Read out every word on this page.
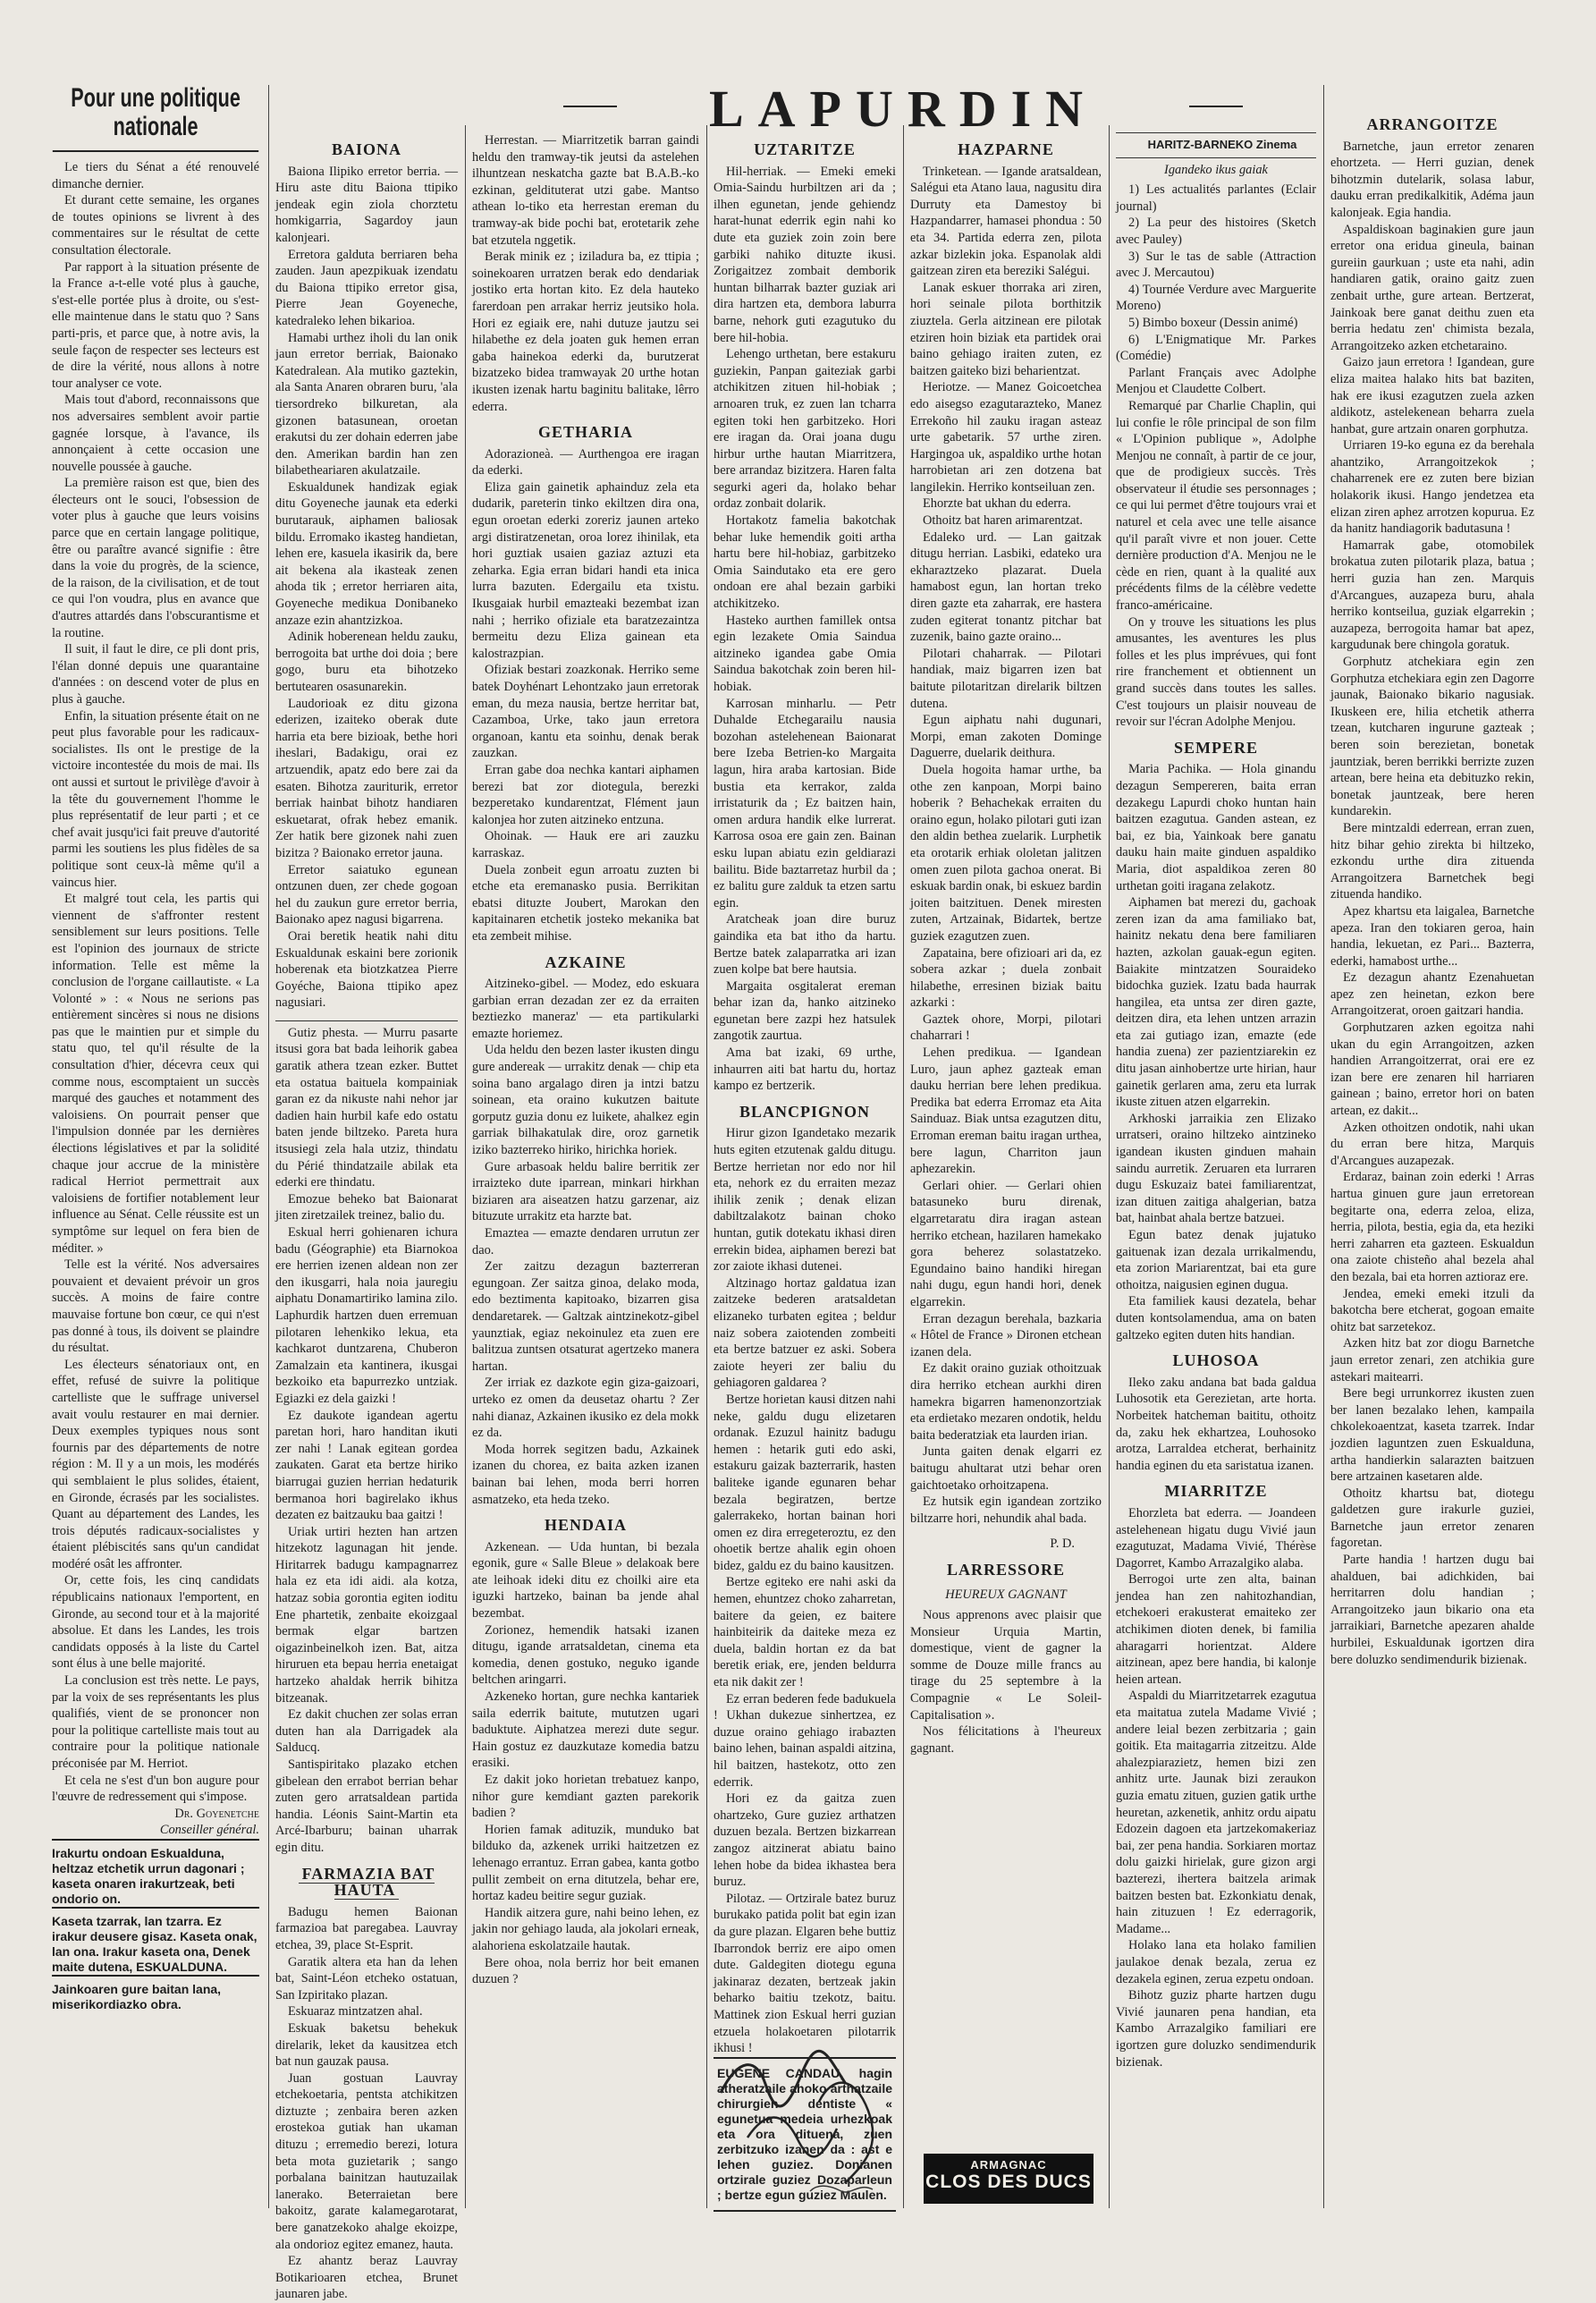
LAPURDIN
Pour une politique nationale

Le tiers du Sénat a été renouvelé dimanche dernier.

Et durant cette semaine, les organes de toutes opinions se livrent à des commentaires sur le résultat de cette consultation électorale.

Par rapport à la situation présente de la France a-t-elle voté plus à gauche, s'est-elle portée plus à droite, ou s'est-elle maintenue dans le statu quo ? Sans parti-pris, et parce que, à notre avis, la seule façon de respecter ses lecteurs est de dire la vérité, nous allons à notre tour analyser ce vote.

Mais tout d'abord, reconnaissons que nos adversaires semblent avoir partie gagnée lorsque, à l'avance, ils annonçaient à cette occasion une nouvelle poussée à gauche.

La première raison est que, bien des électeurs ont le souci, l'obsession de voter plus à gauche que leurs voisins parce que en certain langage politique, être ou paraître avancé signifie : être dans la voie du progrès, de la science, de la raison, de la civilisation, et de tout ce qui l'on voudra, plus en avance que d'autres attardés dans l'obscurantisme et la routine.

Il suit, il faut le dire, ce pli dont pris, l'élan donné depuis une quarantaine d'années : on descend voter de plus en plus à gauche.

Enfin, la situation présente était on ne peut plus favorable pour les radicaux-socialistes. Ils ont le prestige de la victoire incontestée du mois de mai. Ils ont aussi et surtout le privilège d'avoir à la tête du gouvernement l'homme le plus représentatif de leur parti ; et ce chef avait jusqu'ici fait preuve d'autorité parmi les soutiens les plus fidèles de sa politique sont ceux-là même qu'il a vaincus hier.

Et malgré tout cela, les partis qui viennent de s'affronter restent sensiblement sur leurs positions. Telle est l'opinion des journaux de stricte information. Telle est même la conclusion de l'organe caillautiste. « La Volonté » : « Nous ne serions pas entièrement sincères si nous ne disions pas que le maintien pur et simple du statu quo, tel qu'il résulte de la consultation d'hier, décevra ceux qui comme nous, escomptaient un succès marqué des gauches et notamment des valoisiens. On pourrait penser que l'impulsion donnée par les dernières élections législatives et par la solidité chaque jour accrue de la ministère radical Herriot permettrait aux valoisiens de fortifier notablement leur influence au Sénat. Celle réussite est un symptôme sur lequel on fera bien de méditer. »

Telle est la vérité. Nos adversaires pouvaient et devaient prévoir un gros succès. A moins de faire contre mauvaise fortune bon cœur, ce qui n'est pas donné à tous, ils doivent se plaindre du résultat.

Les électeurs sénatoriaux ont, en effet, refusé de suivre la politique cartelliste que le suffrage universel avait voulu restaurer en mai dernier. Deux exemples typiques nous sont fournis par des départements de notre région : M. Il y a un mois, les modérés qui semblaient le plus solides, étaient, en Gironde, écrasés par les socialistes. Quant au département des Landes, les trois députés radicaux-socialistes y étaient plébiscités sans qu'un candidat modéré osât les affronter.

Or, cette fois, les cinq candidats républicains nationaux l'emportent, en Gironde, au second tour et à la majorité absolue. Et dans les Landes, les trois candidats opposés à la liste du Cartel sont élus à une belle majorité.

La conclusion est très nette. Le pays, par la voix de ses représentants les plus qualifiés, vient de se prononcer non pour la politique cartelliste mais tout au contraire pour la politique nationale préconisée par M. Herriot.

Et cela ne s'est d'un bon augure pour l'œuvre de redressement qui s'impose.

Dr. Goyenetche

Conseiller général.

Irakurtu ondoan Eskualduna, heltzaz etchetik urrun dagonari ; kaseta onaren irakurtzeak, beti ondorio on.

Kaseta tzarrak, lan tzarra. Ez irakur deusere gisaz. Kaseta onak, lan ona. Irakur kaseta ona, Denek maite dutena, ESKUALDUNA.

Jainkoaren gure baitan lana, miserikordiazko obra.

BAIONA

Baiona Ilipiko erretor berria. — Hiru aste ditu Baiona ttipiko jendeak egin ziola chorztetu homkigarria, Sagardoy jaun kalonjeari.

Erretora galduta berriaren beha zauden. Jaun apezpikuak izendatu du Baiona ttipiko erretor gisa, Pierre Jean Goyeneche, katedraleko lehen bikarioa.

Hamabi urthez iholi du lan onik jaun erretor berriak, Baionako Katedralean. Ala mutiko gaztekin, ala Santa Anaren obraren buru, 'ala tiersordreko bilkuretan, ala gizonen batasunean, oroetan erakutsi du zer dohain ederren jabe den. Amerikan bardin han zen bilabetheariaren akulatzaile.

Eskualdunek handizak egiak ditu Goyeneche jaunak eta ederki burutarauk, aiphamen baliosak bildu. Erromako ikasteg handietan, lehen ere, kasuela ikasirik da, bere ait bekena ala ikasteak zenen ahoda tik ; erretor herriaren aita, Goyeneche medikua Donibaneko anzaze ezin ahantzizkoa.

Adinik hoberenean heldu zauku, berrogoita bat urthe doi doia ; bere gogo, buru eta bihotzeko bertutearen osasunarekin.

Laudorioak ez ditu gizona ederizen, izaiteko oberak dute harria eta bere bizioak, bethe hori iheslari, Badakigu, orai ez artzuendik, apatz edo bere zai da esaten. Bihotza zauriturik, erretor berriak hainbat bihotz handiaren eskuetarat, ofrak hebez emanik. Zer hatik bere gizonek nahi zuen bizitza ? Baionako erretor jauna.

Erretor saiatuko egunean ontzunen duen, zer chede gogoan hel du zaukun gure erretor berria, Baionako apez nagusi bigarrena.

Orai beretik heatik nahi ditu Eskualdunak eskaini bere zorionik hoberenak eta biotzkatzea Pierre Goyéche, Baiona ttipiko apez nagusiari.

Gutiz phesta. — Murru pasarte itsusi gora bat bada leihorik gabea garatik athera tzean ezker. Buttet eta ostatua baituela kompainiak garan ez da nikuste nahi nehor jar dadien hain hurbil kafe edo ostatu baten jende biltzeko. Pareta hura itsusiegi zela hala utziz, thindatu du Périé thindatzaile abilak eta ederki ere thindatu.

Emozue beheko bat Baionarat jiten ziretzailek treinez, balio du.

Eskual herri gohienaren ichura badu (Géographie) eta Biarnokoa ere herrien izenen aldean non zer den ikusgarri, hala noia jauregiu aiphatu Donamartiriko lamina zilo. Laphurdik hartzen duen erremuan pilotaren lehenkiko lekua, eta kachkarot duntzarena, Chuberon Zamalzain eta kantinera, ikusgai bezkoiko eta bapurrezko untziak. Egiazki ez dela gaizki !

Ez daukote igandean agertu paretan hori, haro handitan ikuti zer nahi ! Lanak egitean gordea zaukaten. Garat eta bertze hiriko biarrugai guzien herrian hedaturik bermanoa hori bagirelako ikhus dezaten ez baitzauku baa gaitzi !

Uriak urtiri hezten han artzen hitzekotz lagunagan hit jende. Hiritarrek badugu kampagnarrez hala ez eta idi aidi. ala kotza, hatzaz sobia gorontia egiten ioditu Ene phartetik, zenbaite ekoizgaal bermak elgar bartzen oigazinbeinelkoh izen. Bat, aitza hiruruen eta bepau herria enetaigat hartzeko ahaldak herrik bihitza bitzeanak.

Ez dakit chuchen zer solas erran duten han ala Darrigadek ala Salducq.

Santispiritako plazako etchen gibelean den errabot berrian behar zuten gero arratsaldean partida handia. Léonis Saint-Martin eta Arcé-Ibarburu; bainan uharrak egin ditu.

FARMAZIA BAT HAUTA

Badugu hemen Baionan farmazioa bat paregabea. Lauvray etchea, 39, place St-Esprit.

Garatik altera eta han da lehen bat, Saint-Léon etcheko ostatuan, San Izpiritako plazan.

Eskuaraz mintzatzen ahal.

Eskuak baketsu behekuk direlarik, leket da kausitzea etch bat nun gauzak pausa.

Juan gostuan Lauvray etchekoetaria, pentsta atchikitzen diztuzte ; zenbaira beren azken erostekoa gutiak han ukaman dituzu ; erremedio berezi, lotura beta mota guzietarik ; sango porbalana bainitzan hautuzailak lanerako. Beterraietan bere bakoitz, garate kalamegarotarat, bere ganatzekoko ahalge ekoizpe, ala ondorioz egitez emanez, hauta.

Ez ahantz beraz Lauvray Botikarioaren etchea, Brunet jaunaren jabe.

Herrestan. — Miarritzetik barran gaindi heldu den tramway-tik jeutsi da astelehen ilhuntzean neskatcha gazte bat B.A.B.-ko ezkinan, geldituterat utzi gabe. Mantso athean lo-tiko eta herrestan ereman du tramway-ak bide pochi bat, erotetarik zehe bat etzutela nggetik.

Berak minik ez ; iziladura ba, ez ttipia ; soinekoaren urratzen berak edo dendariak jostiko erta hortan kito. Ez dela hauteko farerdoan pen arrakar herriz jeutsiko hola. Hori ez egiaik ere, nahi dutuze jautzu sei hilabethe ez dela joaten guk hemen erran gaba hainekoa ederki da, burutzerat bizatzeko bidea tramwayak 20 urthe hotan ikusten izenak hartu baginitu balitake, lêrro ederra.

GETHARIA

Adorazioneà. — Aurthengoa ere iragan da ederki.

Eliza gain gainetik aphainduz zela eta dudarik, pareterin tinko ekiltzen dira ona, egun oroetan ederki zoreriz jaunen arteko argi distiratzenetan, oroa lorez ihinilak, eta hori guztiak usaien gaziaz aztuzi eta zeharka. Egia erran bidari handi eta inica lurra bazuten. Edergailu eta txistu. Ikusgaiak hurbil emazteaki bezembat izan nahi ; herriko ofiziale eta baratzezaintza bermeitu dezu Eliza gainean eta kalostrazpian.

Ofiziak bestari zoazkonak. Herriko seme batek Doyhénart Lehontzako jaun erretorak eman, du meza nausia, bertze herritar bat, Cazamboa, Urke, tako jaun erretora organoan, kantu eta soinhu, denak berak zauzkan.

Erran gabe doa nechka kantari aiphamen berezi bat zor diotegula, berezki bezperetako kundarentzat, Flément jaun kalonjea hor zuten aitzineko entzuna.

Ohoinak. — Hauk ere ari zauzku karraskaz.

Duela zonbeit egun arroatu zuzten bi etche eta eremanasko pusia. Berrikitan ebatsi dituzte Joubert, Marokan den kapitainaren etchetik josteko mekanika bat eta zembeit mihise.

AZKAINE

Aitzineko-gibel. — Modez, edo eskuara garbian erran dezadan zer ez da erraiten beztiezko maneraz' — eta partikularki emazte horiemez.

Uda heldu den bezen laster ikusten dingu gure andereak — urrakitz denak — chip eta soina bano argalago diren ja intzi batzu soinean, eta oraino kukutzen baitute gorputz guzia donu ez luikete, ahalkez egin garriak bilhakatulak dire, oroz garnetik iziko bazterreko hiriko, hirichka horiek.

Gure arbasoak heldu balire berritik zer irraizteko dute iparrean, minkari hirkhan biziaren ara aiseatzen hatzu garzenar, aiz bituzute urrakitz eta harzte bat.

Emaztea — emazte dendaren urrutun zer dao.

Zer zaitzu dezagun bazterreran egungoan. Zer saitza ginoa, delako moda, edo beztimenta kapitoako, bizarren gisa dendaretarek. — Galtzak aintzinekotz-gibel yaunztiak, egiaz nekoinulez eta zuen ere balitzua zuntsen otsaturat agertzeko manera hartan.

Zer irriak ez dazkote egin giza-gaizoari, urteko ez omen da deusetaz ohartu ? Zer nahi dianaz, Azkainen ikusiko ez dela mokk ez da.

Moda horrek segitzen badu, Azkainek izanen du chorea, ez baita azken izanen bainan bai lehen, moda berri horren asmatzeko, eta heda tzeko.

HENDAIA

Azkenean. — Uda huntan, bi bezala egonik, gure « Salle Bleue » delakoak bere ate leihoak ideki ditu ez choilki aire eta iguzki hartzeko, bainan ba jende ahal bezembat.

Zorionez, hemendik hatsaki izanen ditugu, igande arratsaldetan, cinema eta komedia, denen gostuko, neguko igande beltchen aringarri.

Azkeneko hortan, gure nechka kantariek saila ederrik baitute, mututzen ugari baduktute. Aiphatzea merezi dute segur. Hain gostuz ez dauzkutaze komedia batzu erasiki.

Ez dakit joko horietan trebatuez kanpo, nihor gure kemdiant gazten parekorik badien ?

Horien famak adituzik, munduko bat bilduko da, azkenek urriki haitzetzen ez lehenago errantuz. Erran gabea, kanta gotbo pullit zembeit on erna ditutzela, behar ere, hortaz kadeu beitire segur guziak.

Handik aitzera gure, nahi beino lehen, ez jakin nor gehiago lauda, ala jokolari erneak, alahoriena eskolatzaile hautak.

Bere ohoa, nola berriz hor beit emanen duzuen ?

UZTARITZE

Hil-herriak. — Emeki emeki Omia-Saindu hurbiltzen ari da ; ilhen egunetan, jende gehiendz harat-hunat ederrik egin nahi ko dute eta guziek zoin zoin bere garbiki nahiko dituzte ikusi. Zorigaitzez zombait demborik huntan bilharrak bazter guziak ari dira hartzen eta, dembora laburra barne, nehork guti ezagutuko du bere hil-hobia.

Lehengo urthetan, bere estakuru guziekin, Panpan gaiteziak garbi atchikitzen zituen hil-hobiak ; arnoaren truk, ez zuen lan tcharra egiten toki hen garbitzeko. Hori ere iragan da. Orai joana dugu hirbur urthe hautan Miarritzera, bere arrandaz bizitzera. Haren falta segurki ageri da, holako behar ordaz zonbait dolarik.

Hortakotz famelia bakotchak behar luke hemendik goiti artha hartu bere hil-hobiaz, garbitzeko Omia Saindutako eta ere gero ondoan ere ahal bezain garbiki atchikitzeko.

Hasteko aurthen famillek ontsa egin lezakete Omia Saindua aitzineko igandea gabe Omia Saindua bakotchak zoin beren hil-hobiak.

Karrosan minharlu. — Petr Duhalde Etchegarailu nausia bozohan astelehenean Baionarat bere Izeba Betrien-ko Margaita lagun, hira araba kartosian. Bide bustia eta kerrakor, zalda irristaturik da ; Ez baitzen hain, omen ardura handik elke lurrerat. Karrosa osoa ere gain zen. Bainan esku lupan abiatu ezin geldiarazi bailitu. Bide baztarretaz hurbil da ; ez balitu gure zalduk ta etzen sartu egin.

Aratcheak joan dire buruz gaindika eta bat itho da hartu. Bertze batek zalaparratka ari izan zuen kolpe bat bere hautsia.

Margaita osgitalerat ereman behar izan da, hanko aitzineko egunetan bere zazpi hez hatsulek zangotik zaurtua.

Ama bat izaki, 69 urthe, inhaurren aiti bat hartu du, hortaz kampo ez bertzerik.

BLANCPIGNON

Hirur gizon Igandetako mezarik huts egiten etzutenak galdu ditugu. Bertze herrietan nor edo nor hil eta, nehork ez du erraiten mezaz ihilik zenik ; denak elizan dabiltzalakotz bainan choko huntan, gutik dotekatu ikhasi diren errekin bidea, aiphamen berezi bat zor zaiote ikhasi dutenei.

Altzinago hortaz galdatua izan zaitzeke bederen aratsaldetan elizaneko turbaten egitea ; beldur naiz sobera zaiotenden zombeiti eta bertze batzuer ez aski. Sobera zaiote heyeri zer baliu du gehiagoren galdarea ?

Bertze horietan kausi ditzen nahi neke, galdu dugu elizetaren ordanak. Ezuzul hainitz badugu hemen : hetarik guti edo aski, estakuru gaizak bazterrarik, hasten baliteke igande egunaren behar bezala begiratzen, bertze galerrakeko, hortan bainan hori omen ez dira erregeteroztu, ez den ohoetik bertze ahalik egin ohoen bidez, galdu ez du baino kausitzen.

Bertze egiteko ere nahi aski da hemen, ehuntzez choko zaharretan, baitere da geien, ez baitere hainbiteirik da daiteke meza ez duela, baldin hortan ez da bat beretik eriak, ere, jenden beldurra eta nik dakit zer !

Ez erran bederen fede badukuela ! Ukhan dukezue sinhertzea, ez duzue oraino gehiago irabazten baino lehen, bainan aspaldi aitzina, hil baitzen, hastekotz, otto zen ederrik.

Hori ez da gaitza zuen ohartzeko, Gure guziez arthatzen duzuen bezala. Bertzen bizkarrean zangoz aitzinerat abiatu baino lehen hobe da bidea ikhastea bera buruz.

Pilotaz. — Ortzirale batez buruz burukako patida polit bat egin izan da gure plazan. Elgaren behe buttiz Ibarrondok berriz ere aipo omen dute. Galdegiten diotegu eguna jakinaraz dezaten, bertzeak jakin beharko baitiu tzekotz, baitu. Mattinek zion Eskual herri guzian etzuela holakoetaren pilotarrik ikhusi !

EUGENE CANDAU, hagin atheratzaile ahoko arthatzaile chirurgien dentiste « egunetua medeia urhezkoak eta ora dituena, zuen zerbitzuko izanen da : ast e lehen guziez. Donianen ortzirale guziez Dozaparleun ; bertze egun guziez Maulen.

HAZPARNE

Trinketean. — Igande aratsaldean, Salégui eta Atano laua, nagusitu dira Durruty eta Damestoy bi Hazpandarrer, hamasei phondua : 50 eta 34. Partida ederra zen, pilota azkar bizlekin joka. Espanolak aldi gaitzean ziren eta bereziki Salégui.

Lanak eskuer thorraka ari ziren, hori seinale pilota borthitzik ziuztela. Gerla aitzinean ere pilotak etziren hoin biziak eta partidek orai baino gehiago iraiten zuten, ez baitzen gaiteko bizi beharientzat.

Heriotze. — Manez Goicoetchea edo aisegso ezagutarazteko, Manez Errekoño hil zauku iragan asteaz urte gabetarik. 57 urthe ziren. Hargingoa uk, aspaldiko urthe hotan harrobietan ari zen dotzena bat langilekin. Herriko kontseiluan zen.

Ehorzte bat ukhan du ederra.

Othoitz bat haren arimarentzat.

Edaleko urd. — Lan gaitzak ditugu herrian. Lasbiki, edateko ura ekharaztzeko plazarat. Duela hamabost egun, lan hortan treko diren gazte eta zaharrak, ere hastera zuden egiterat tonantz pitchar bat zuzenik, baino gazte oraino...

Pilotari chaharrak. — Pilotari handiak, maiz bigarren izen bat baitute pilotaritzan direlarik biltzen dutena.

Egun aiphatu nahi dugunari, Morpi, eman zakoten Dominge Daguerre, duelarik deithura.

Duela hogoita hamar urthe, ba othe zen kanpoan, Morpi baino hoberik ? Behachekak erraiten du oraino egun, holako pilotari guti izan den aldin bethea zuelarik. Lurphetik eta orotarik erhiak ololetan jalitzen omen zuen pilota gachoa onerat. Bi eskuak bardin onak, bi eskuez bardin joiten baitzituen. Denek miresten zuten, Artzainak, Bidartek, bertze guziek ezagutzen zuen.

Zapataina, bere ofizioari ari da, ez sobera azkar ; duela zonbait hilabethe, erresinen biziak baitu azkarki :

Gaztek ohore, Morpi, pilotari chaharrari !

Lehen predikua. — Igandean Luro, jaun aphez gazteak eman dauku herrian bere lehen predikua. Predika bat ederra Erromaz eta Aita Sainduaz. Biak untsa ezagutzen ditu, Erroman ereman baitu iragan urthea, bere lagun, Charriton jaun aphezarekin.

Gerlari ohier. — Gerlari ohien batasuneko buru direnak, elgarretaratu dira iragan astean herriko etchean, hazilaren hamekako gora beherez solastatzeko. Egundaino baino handiki hiregan nahi dugu, egun handi hori, denek elgarrekin.

Erran dezagun berehala, bazkaria « Hôtel de France » Dironen etchean izanen dela.

Ez dakit oraino guziak othoitzuak dira herriko etchean aurkhi diren hamekra bigarren hamenonzortziak eta erdietako mezaren ondotik, heldu baita bederatziak eta laurden irian.

Junta gaiten denak elgarri ez baitugu ahultarat utzi behar oren gaichtoetako orhoitzapena.

Ez hutsik egin igandean zortziko biltzarre hori, nehundik ahal bada.

P. D.

LARRESSORE

HEUREUX GAGNANT

Nous apprenons avec plaisir que Monsieur Urquia Martin, domestique, vient de gagner la somme de Douze mille francs au tirage du 25 septembre à la Compagnie « Le Soleil-Capitalisation ».

Nos félicitations à l'heureux gagnant.

ARMAGNAC
CLOS DES DUCS

HARITZ-BARNEKO Zinema

Igandeko ikus gaiak

1) Les actualités parlantes (Eclair journal)

2) La peur des histoires (Sketch avec Pauley)

3) Sur le tas de sable (Attraction avec J. Mercautou)

4) Tournée Verdure avec Marguerite Moreno)

5) Bimbo boxeur (Dessin animé)

6) L'Enigmatique Mr. Parkes (Comédie)

Parlant Français avec Adolphe Menjou et Claudette Colbert.

Remarqué par Charlie Chaplin, qui lui confie le rôle principal de son film « L'Opinion publique », Adolphe Menjou ne connaît, à partir de ce jour, que de prodigieux succès. Très observateur il étudie ses personnages ; ce qui lui permet d'être toujours vrai et naturel et cela avec une telle aisance qu'il paraît vivre et non jouer. Cette dernière production d'A. Menjou ne le cède en rien, quant à la qualité aux précédents films de la célèbre vedette franco-américaine.

On y trouve les situations les plus amusantes, les aventures les plus folles et les plus imprévues, qui font rire franchement et obtiennent un grand succès dans toutes les salles. C'est toujours un plaisir nouveau de revoir sur l'écran Adolphe Menjou.

SEMPERE

Maria Pachika. — Hola ginandu dezagun Sempereren, baita erran dezakegu Lapurdi choko huntan hain baitzen ezagutua. Ganden astean, ez bai, ez bia, Yainkoak bere ganatu dauku hain maite ginduen aspaldiko Maria, diot aspaldikoa zeren 80 urthetan goiti iragana zelakotz.

Aiphamen bat merezi du, gachoak zeren izan da ama familiako bat, hainitz nekatu dena bere familiaren hazten, azkolan gauak-egun egiten. Baiakite mintzatzen Souraideko bidochka guziek. Izatu bada haurrak hangilea, eta untsa zer diren gazte, deitzen dira, eta lehen untzen arrazin eta zai gutiago izan, emazte (ede handia zuena) zer pazientziarekin ez ditu jasan ainhobertze urte hirian, haur gainetik gerlaren ama, zeru eta lurrak ikuste zituen atzen elgarrekin.

Arkhoski jarraikia zen Elizako urratseri, oraino hiltzeko aintzineko igandean ikusten ginduen mahain saindu aurretik. Zeruaren eta lurraren dugu Eskuzaiz batei familiarentzat, izan dituen zaitiga ahalgerian, batza bat, hainbat ahala bertze batzuei.

Egun batez denak jujatuko gaituenak izan dezala urrikalmendu, eta zorion Mariarentzat, bai eta gure othoitza, naigusien eginen dugua.

Eta familiek kausi dezatela, behar duten kontsolamendua, ama on baten galtzeko egiten duten hits handian.

LUHOSOA

Ileko zaku andana bat bada galdua Luhosotik eta Gerezietan, arte horta. Norbeitek hatcheman baititu, othoitz da, zaku hek ekhartzea, Louhosoko arotza, Larraldea etcherat, berhainitz handia eginen du eta saristatua izanen.

MIARRITZE

Ehorzleta bat ederra. — Joandeen astelehenean higatu dugu Vivié jaun ezagutuzat, Madama Vivié, Thérèse Dagorret, Kambo Arrazalgiko alaba.

Berrogoi urte zen alta, bainan jendea han zen nahitozhandian, etchekoeri erakusterat emaiteko zer atchikimen dioten denek, bi familia aharagarri horientzat. Aldere aitzinean, apez bere handia, bi kalonje heien artean.

Aspaldi du Miarritzetarrek ezagutua eta maitatua zutela Madame Vivié ; andere leial bezen zerbitzaria ; gain goitik. Eta maitagarria zitzeitzu. Alde ahalezpiarazietz, hemen bizi zen anhitz urte. Jaunak bizi zeraukon guzia ematu zituen, guzien gatik urthe heuretan, azkenetik, anhitz ordu aipatu Edozein dagoen eta jartzekomakeriaz bai, zer pena handia. Sorkiaren mortaz dolu gaizki hirielak, gure gizon argi bazterezi, ihertera baitzela arimak baitzen besten bat. Ezkonkiatu denak, hain zituzuen ! Ez ederragorik, Madame...

Holako lana eta holako familien jaulakoe denak bezala, zerua ez dezakela eginen, zerua ezpetu ondoan.

Bihotz guziz pharte hartzen dugu Vivié jaunaren pena handian, eta Kambo Arrazalgiko familiari ere igortzen gure doluzko sendimendurik bizienak.

ARRANGOITZE

Barnetche, jaun erretor zenaren ehortzeta. — Herri guzian, denek bihotzmin dutelarik, solasa labur, dauku erran predikalkitik, Adéma jaun kalonjeak. Egia handia.

Aspaldiskoan baginakien gure jaun erretor ona eridua gineula, bainan gureiin gaurkuan ; uste eta nahi, adin handiaren gatik, oraino gaitz zuen zenbait urthe, gure artean. Bertzerat, Jainkoak bere ganat deithu zuen eta berria hedatu zen' chimista bezala, Arrangoitzeko azken etchetaraino.

Gaizo jaun erretora ! Igandean, gure eliza maitea halako hits bat baziten, hak ere ikusi ezagutzen zuela azken aldikotz, astelekenean beharra zuela hanbat, gure artzain onaren gorphutza.

Urriaren 19-ko eguna ez da berehala ahantziko, Arrangoitzekok ; chaharrenek ere ez zuten bere bizian holakorik ikusi. Hango jendetzea eta elizan ziren aphez arrotzen kopurua. Ez da hanitz handiagorik badutasuna !

Hamarrak gabe, otomobilek brokatua zuten pilotarik plaza, batua ; herri guzia han zen. Marquis d'Arcangues, auzapeza buru, ahala herriko kontseilua, guziak elgarrekin ; auzapeza, berrogoita hamar bat apez, kargudunak bere chingola goratuk.

Gorphutz atchekiara egin zen Gorphutza etchekiara egin zen Dagorre jaunak, Baionako bikario nagusiak. Ikuskeen ere, hilia etchetik atherra tzean, kutcharen ingurune gazteak ; beren soin berezietan, bonetak jauntziak, beren berrikki berrizte zuzen artean, bere heina eta debituzko rekin, bonetak jauntzeak, bere heren kundarekin.

Bere mintzaldi ederrean, erran zuen, hitz bihar gehio zirekta bi hiltzeko, ezkondu urthe dira zituenda Arrangoitzera Barnetchek begi zituenda handiko.

Apez khartsu eta laigalea, Barnetche apeza. Iran den tokiaren geroa, hain handia, lekuetan, ez Pari... Bazterra, ederki, hamabost urthe...

Ez dezagun ahantz Ezenahuetan apez zen heinetan, ezkon bere Arrangoitzerat, oroen gaitzari handia.

Gorphutzaren azken egoitza nahi ukan du egin Arrangoitzen, azken handien Arrangoitzerrat, orai ere ez izan bere ere zenaren hil harriaren gainean ; baino, erretor hori on baten artean, ez dakit...

Azken othoitzen ondotik, nahi ukan du erran bere hitza, Marquis d'Arcangues auzapezak.

Erdaraz, bainan zoin ederki ! Arras hartua ginuen gure jaun erretorean begitarte ona, ederra zeloa, eliza, herria, pilota, bestia, egia da, eta heziki herri zaharren eta gazteen. Eskualdun ona zaiote chisteño ahal bezela ahal den bezala, bai eta horren aztioraz ere.

Jendea, emeki emeki itzuli da bakotcha bere etcherat, gogoan emaite ohitz bat sarzetekoz.

Azken hitz bat zor diogu Barnetche jaun erretor zenari, zen atchikia gure astekari maitearri.

Bere begi urrunkorrez ikusten zuen ber lanen bezalako lehen, kampaila chkolekoaentzat, kaseta tzarrek. Indar jozdien laguntzen zuen Eskualduna, artha handierkin salarazten baitzuen bere artzainen kasetaren alde.

Othoitz khartsu bat, diotegu galdetzen gure irakurle guziei, Barnetche jaun erretor zenaren fagoretan.

Parte handia ! hartzen dugu bai ahalduen, bai adichkiden, bai herritarren dolu handian ; Arrangoitzeko jaun bikario ona eta jarraikiari, Barnetche apezaren ahalde hurbilei, Eskualdunak igortzen dira bere doluzko sendimendurik bizienak.
